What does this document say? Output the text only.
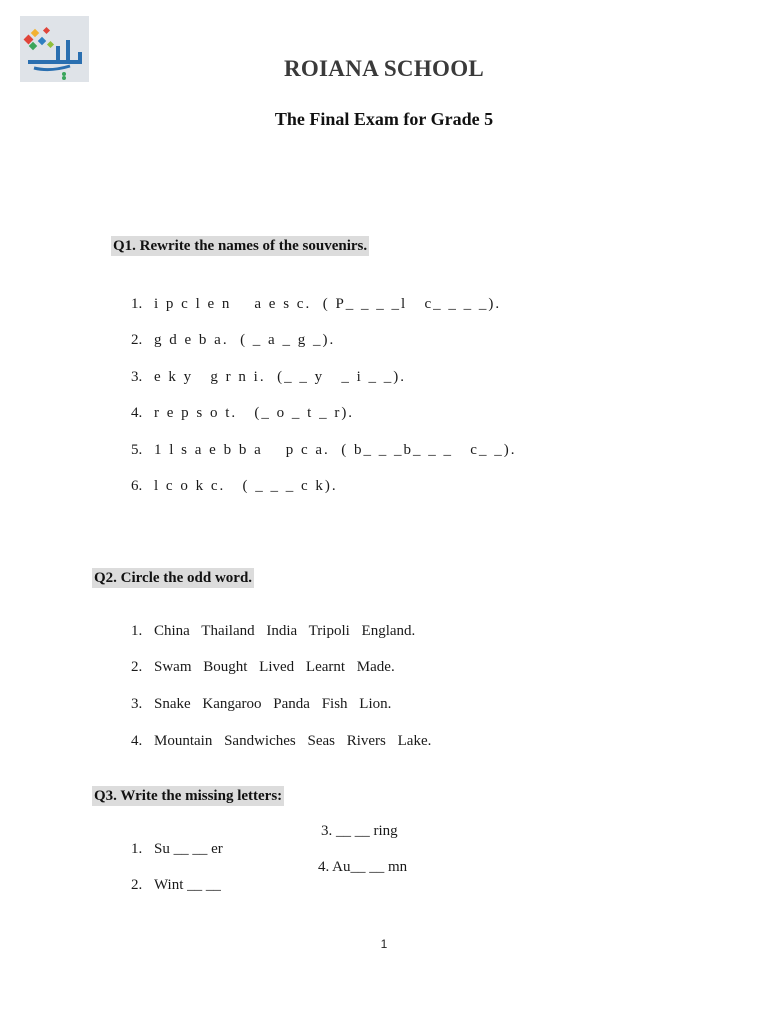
ROIANA SCHOOL
The Final Exam for Grade 5
Q1. Rewrite the names of the souvenirs.

1. i p c l e n    a e s c.  ( P_ _ _ _l   c_ _ _ _).

2. g d e b a.  ( _ a _ g _).

3. e k y   g r n i.  (_ _ y   _ i _ _).

4. r e p s o t.   (_ o _ t _ r).

5. 1 l s a e b b a    p c a.  ( b_ _ _b_ _ _   c_ _).

6. l c o k c.   ( _ _ _ c k).

Q2. Circle the odd word.

1. China Thailand India Tripoli England.

2. Swam Bought Lived Learnt Made.

3. Snake Kangaroo Panda Fish Lion.

4. Mountain Sandwiches Seas Rivers Lake.

Q3. Write the missing letters:

1. Su __ __ er

3. __ __ ring

2. Wint __ __

4. Au__ __ mn
1
